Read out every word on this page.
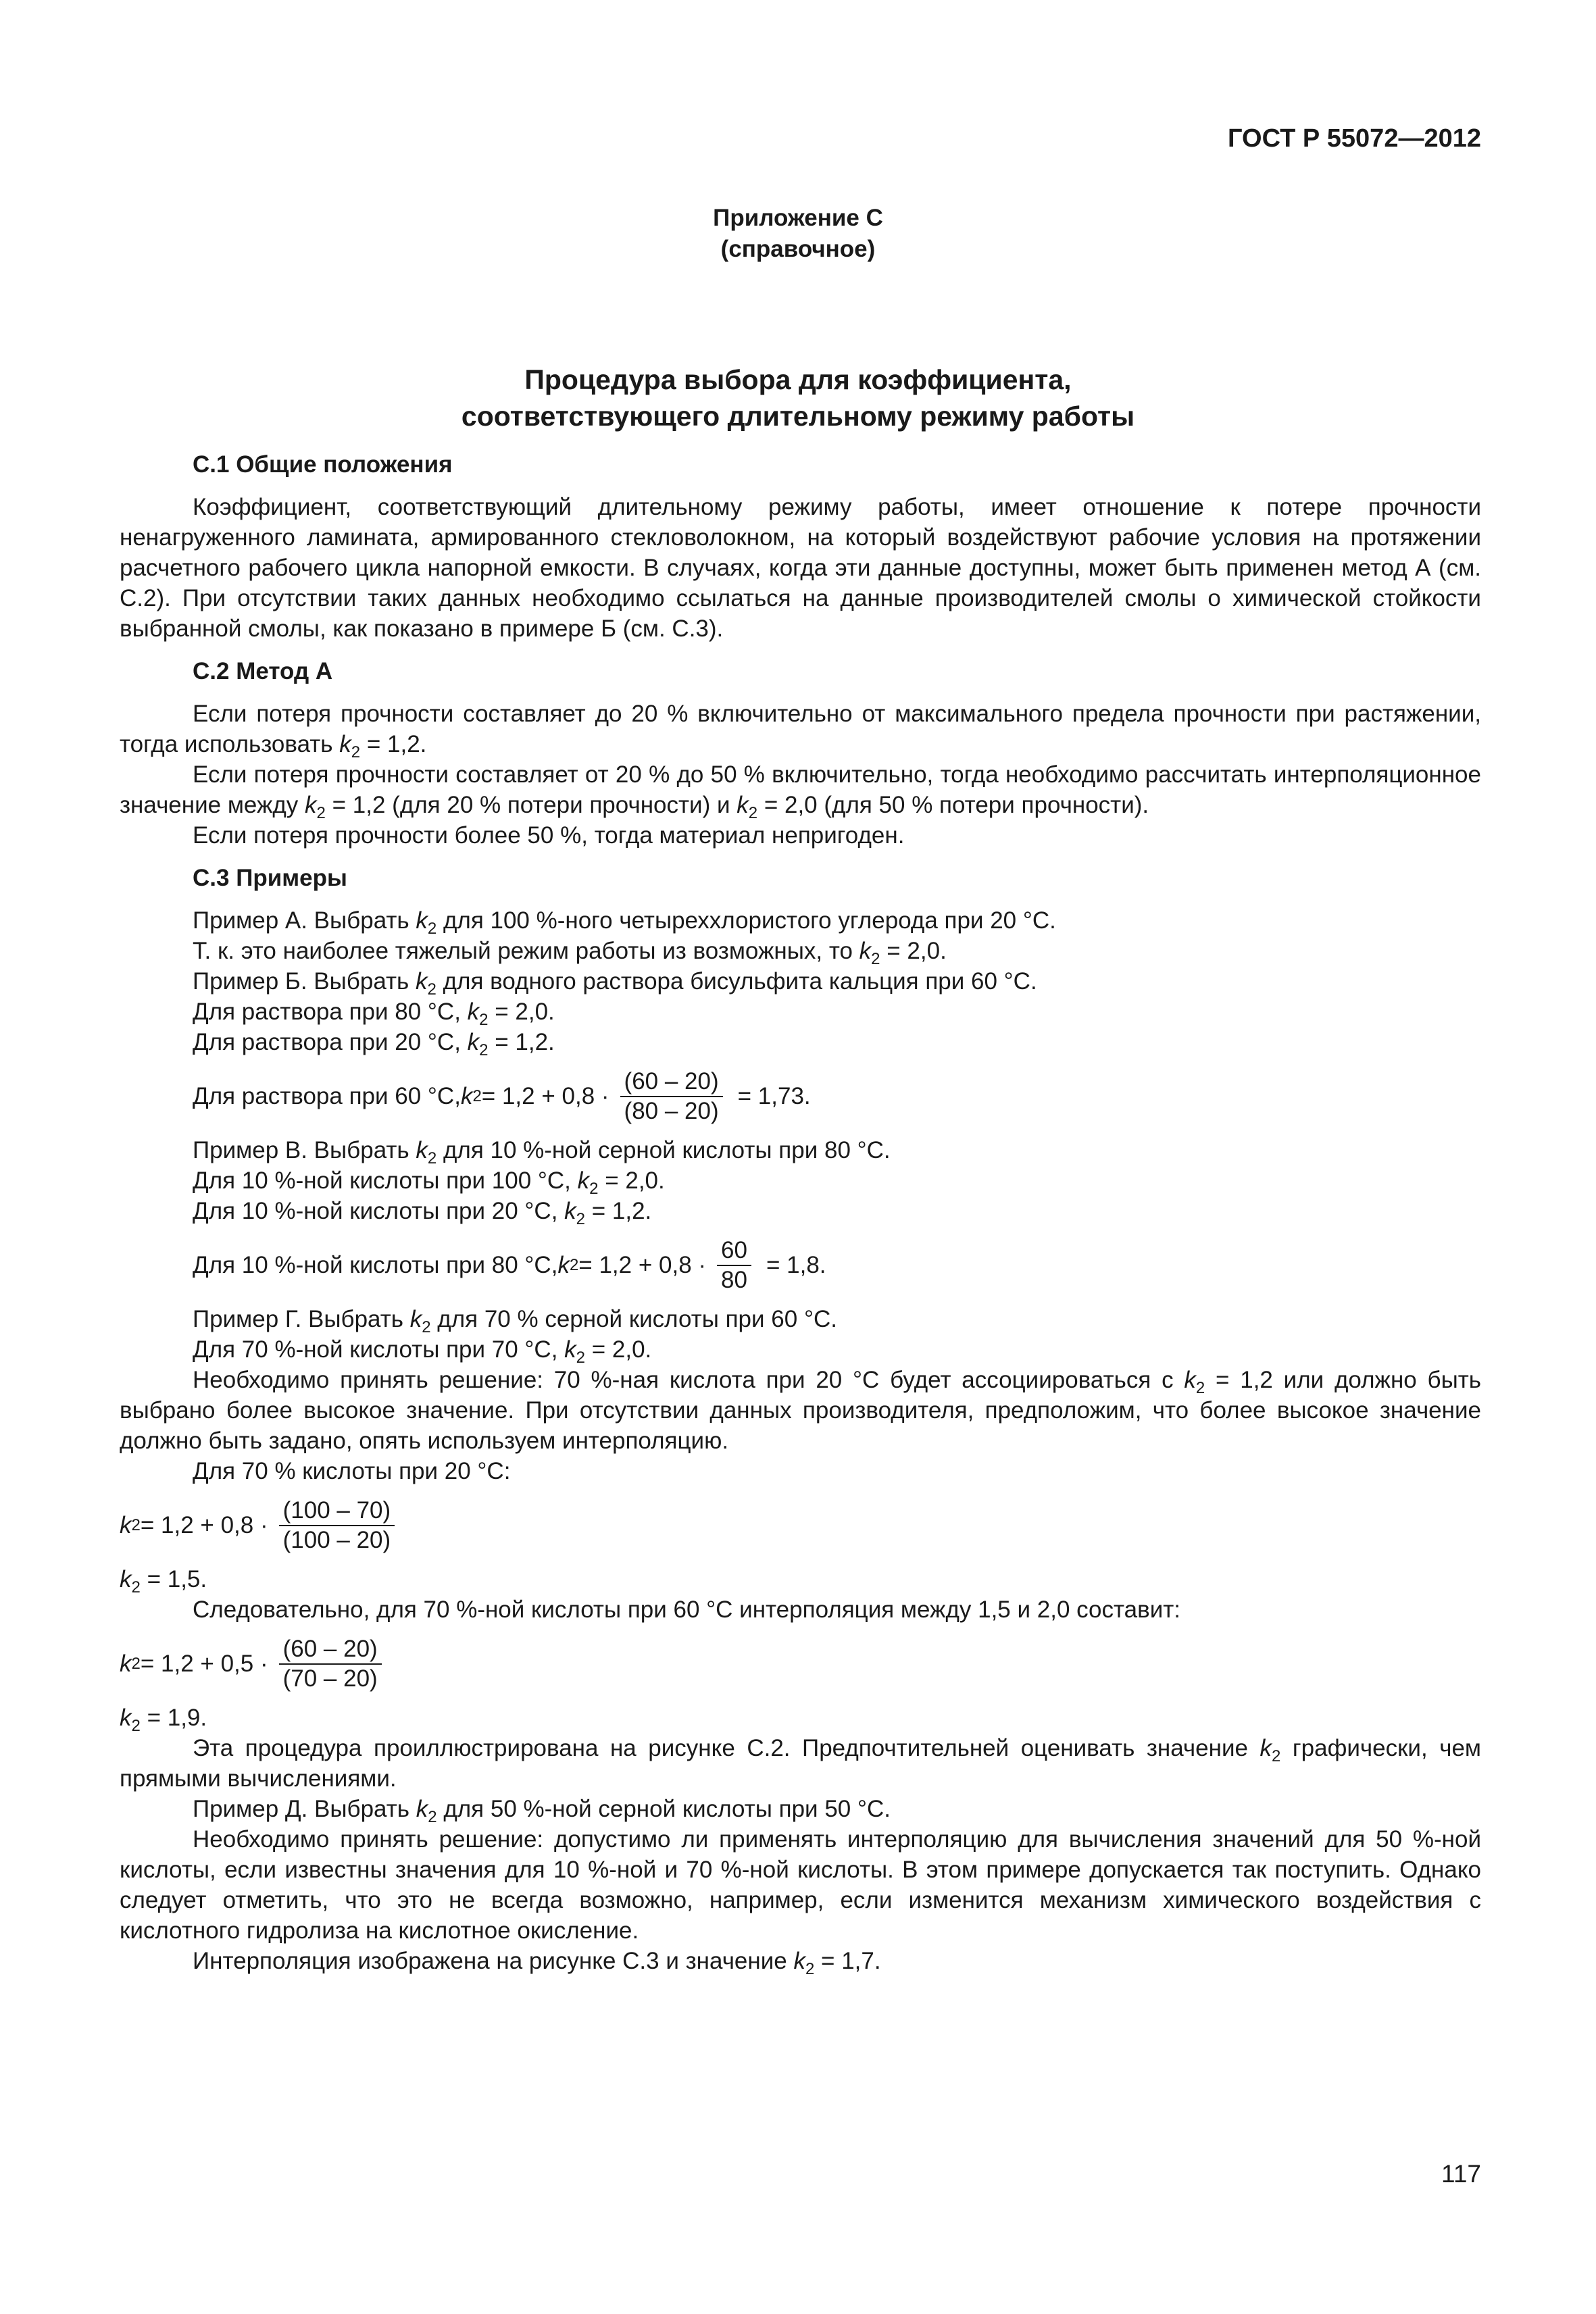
ГОСТ Р 55072—2012
Приложение С
(справочное)
Процедура выбора для коэффициента,
соответствующего длительному режиму работы
С.1 Общие положения

Коэффициент, соответствующий длительному режиму работы, имеет отношение к потере прочности ненагруженного ламината, армированного стекловолокном, на который воздействуют рабочие условия на протяжении расчетного рабочего цикла напорной емкости. В случаях, когда эти данные доступны, может быть применен метод А (см. С.2). При отсутствии таких данных необходимо ссылаться на данные производителей смолы о химической стойкости выбранной смолы, как показано в примере Б (см. С.3).

С.2 Метод А

Если потеря прочности составляет до 20 % включительно от максимального предела прочности при растяжении, тогда использовать $k_2 = 1,2$.

Если потеря прочности составляет от 20 % до 50 % включительно, тогда необходимо рассчитать интерполяционное значение между $k_2 = 1,2$ (для 20 % потери прочности) и $k_2 = 2,0$ (для 50 % потери прочности).

Если потеря прочности более 50 %, тогда материал непригоден.

С.3 Примеры

Пример А. Выбрать $k_2$ для 100 %-ного четыреххлористого углерода при 20 °С.

Т. к. это наиболее тяжелый режим работы из возможных, то $k_2 = 2,0$.

Пример Б. Выбрать $k_2$ для водного раствора бисульфита кальция при 60 °С.

Для раствора при 80 °С, $k_2 = 2,0$.

Для раствора при 20 °С, $k_2 = 1,2$.

Для раствора при 60 °С, k $2 = 1,2 + 0,8 \cdot \frac{(60 - 20)}{(80 - 20)} = 1,73$.

Пример В. Выбрать $k_2$ для 10 %-ной серной кислоты при 80 °С.

Для 10 %-ной кислоты при 100 °С, $k_2 = 2,0$.

Для 10 %-ной кислоты при 20 °С, $k_2 = 1,2$.

Для 10 %-ной кислоты при 80 °С, k $2 = 1,2 + 0,8 \cdot \frac{60}{80} = 1,8$.

Пример Г. Выбрать $k_2$ для 70 % серной кислоты при 60 °С.

Для 70 %-ной кислоты при 70 °С, $k_2 = 2,0$.

Необходимо принять решение: 70 %-ная кислота при 20 °С будет ассоциироваться с $k_2 = 1,2$ или должно быть выбрано более высокое значение. При отсутствии данных производителя, предположим, что более высокое значение должно быть задано, опять используем интерполяцию.

Для 70 % кислоты при 20 °С:

k $2 = 1,2 + 0,8 \cdot \frac{(100 - 70)}{(100 - 20)}$

$k_2 = 1,5$.

Следовательно, для 70 %-ной кислоты при 60 °С интерполяция между 1,5 и 2,0 составит:

k $2 = 1,2 + 0,5 \cdot \frac{(60 - 20)}{(70 - 20)}$

$k_2 = 1,9$.

Эта процедура проиллюстрирована на рисунке С.2. Предпочтительней оценивать значение $k_2$ графически, чем прямыми вычислениями.

Пример Д. Выбрать $k_2$ для 50 %-ной серной кислоты при 50 °С.

Необходимо принять решение: допустимо ли применять интерполяцию для вычисления значений для 50 %-ной кислоты, если известны значения для 10 %-ной и 70 %-ной кислоты. В этом примере допускается так поступить. Однако следует отметить, что это не всегда возможно, например, если изменится механизм химического воздействия с кислотного гидролиза на кислотное окисление.

Интерполяция изображена на рисунке С.3 и значение $k_2 = 1,7$.

117
